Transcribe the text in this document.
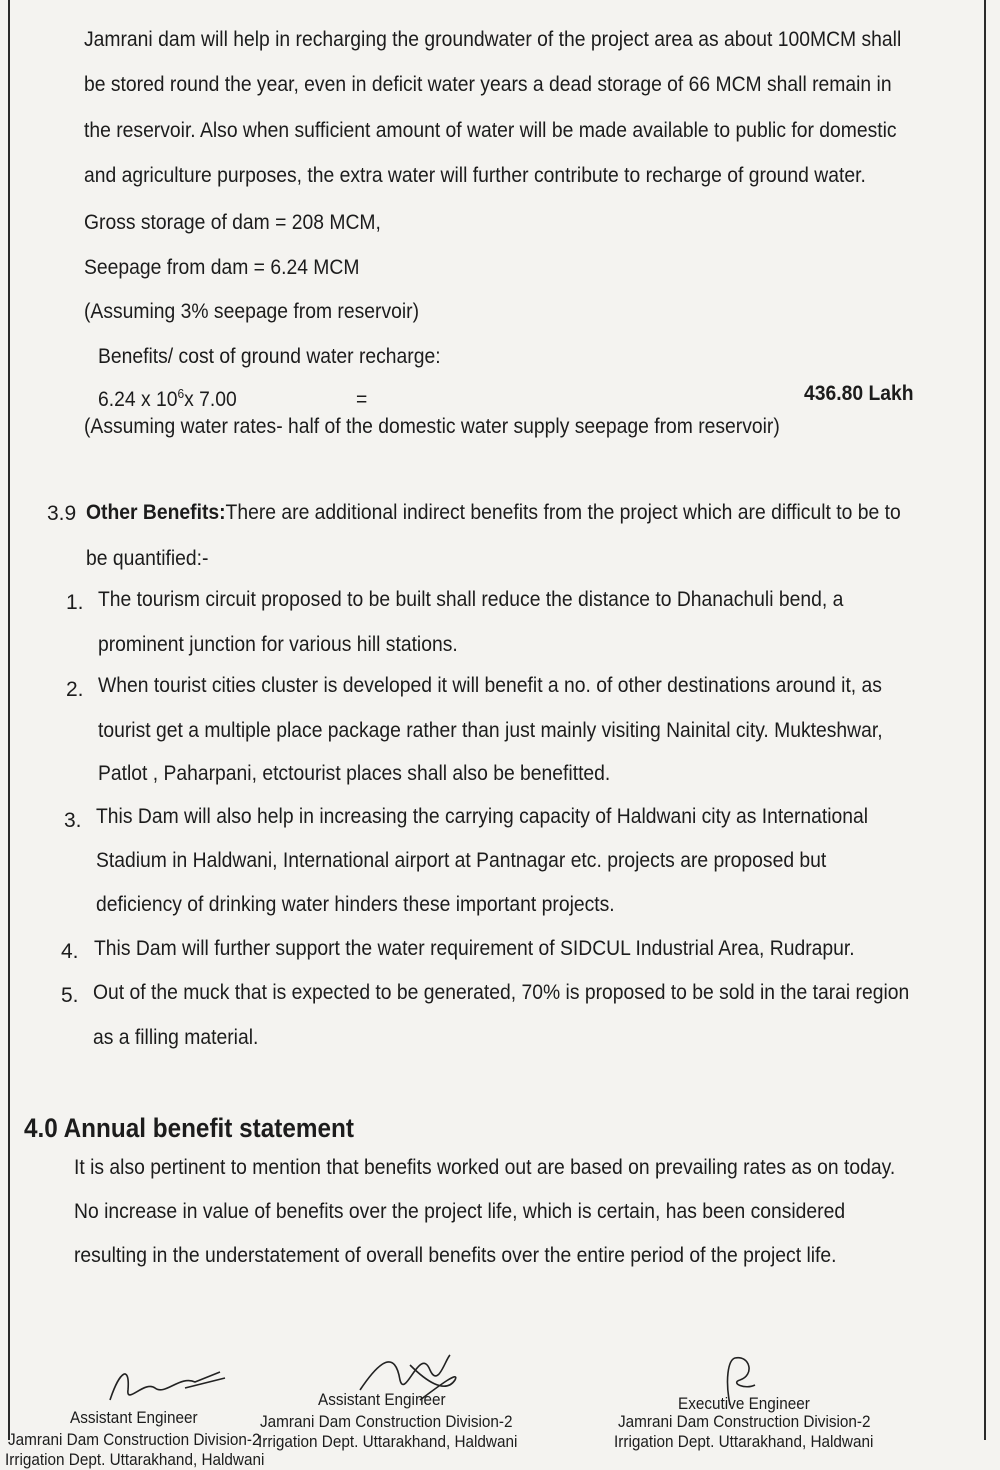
Jamrani dam will help in recharging the groundwater of the project area as about 100MCM shall
be stored round the year, even in deficit water years a dead storage of 66 MCM shall remain in
the reservoir. Also when sufficient amount of water will be made available to public for domestic
and agriculture purposes, the extra water will further contribute to recharge of ground water.
Gross storage of dam = 208 MCM,
Seepage from dam = 6.24 MCM
(Assuming 3% seepage from reservoir)
Benefits/ cost of ground water recharge:
6.24 x $10^6x$ 7.00	=	436.80 Lakh
(Assuming water rates- half of the domestic water supply seepage from reservoir)
3.9 Other Benefits:There are additional indirect benefits from the project which are difficult to be to
be quantified:-
1. The tourism circuit proposed to be built shall reduce the distance to Dhanachuli bend, a
prominent junction for various hill stations.
2. When tourist cities cluster is developed it will benefit a no. of other destinations around it, as
tourist get a multiple place package rather than just mainly visiting Nainital city. Mukteshwar,
Patlot , Paharpani, etctourist places shall also be benefitted.
3. This Dam will also help in increasing the carrying capacity of Haldwani city as International
Stadium in Haldwani, International airport at Pantnagar etc. projects are proposed but
deficiency of drinking water hinders these important projects.
4. This Dam will further support the water requirement of SIDCUL Industrial Area, Rudrapur.
5. Out of the muck that is expected to be generated, 70% is proposed to be sold in the tarai region
as a filling material.
4.0 Annual benefit statement
It is also pertinent to mention that benefits worked out are based on prevailing rates as on today.
No increase in value of benefits over the project life, which is certain, has been considered
resulting in the understatement of overall benefits over the entire period of the project life.
Assistant Engineer
Jamrani Dam Construction Division-2
Irrigation Dept. Uttarakhand, Haldwani
Assistant Engineer
Jamrani Dam Construction Division-2
Irrigation Dept. Uttarakhand, Haldwani
Executive Engineer
Jamrani Dam Construction Division-2
Irrigation Dept. Uttarakhand, Haldwani
